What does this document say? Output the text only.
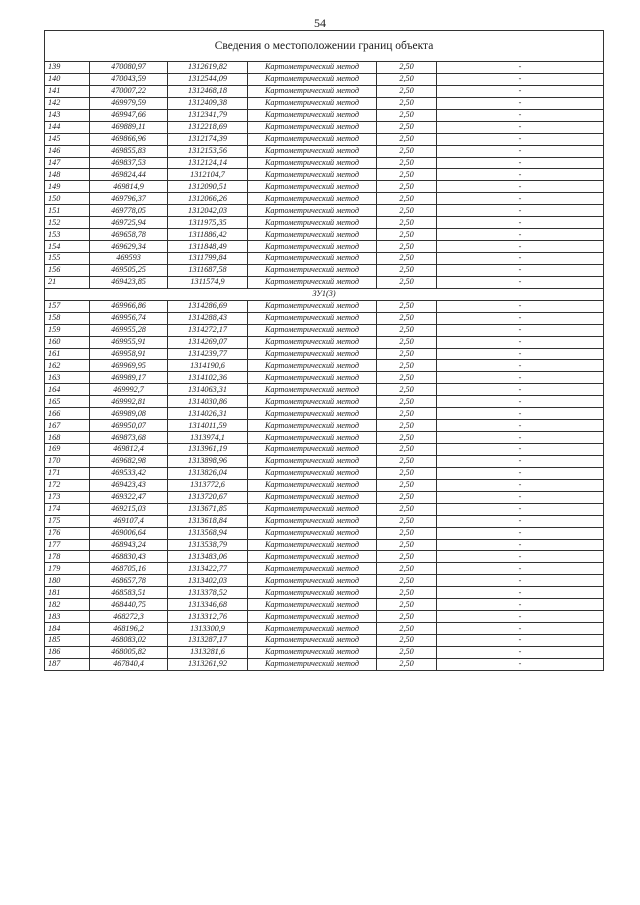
54
Сведения о местоположении границ объекта					
139	470080,97	1312619,82	Картометрический метод	2,50	-
140	470043,59	1312544,09	Картометрический метод	2,50	-
141	470007,22	1312468,18	Картометрический метод	2,50	-
142	469979,59	1312409,38	Картометрический метод	2,50	-
143	469947,66	1312341,79	Картометрический метод	2,50	-
144	469889,11	1312218,69	Картометрический метод	2,50	-
145	469866,96	1312174,39	Картометрический метод	2,50	-
146	469855,83	1312153,56	Картометрический метод	2,50	-
147	469837,53	1312124,14	Картометрический метод	2,50	-
148	469824,44	1312104,7	Картометрический метод	2,50	-
149	469814,9	1312090,51	Картометрический метод	2,50	-
150	469796,37	1312066,26	Картометрический метод	2,50	-
151	469778,05	1312042,03	Картометрический метод	2,50	-
152	469725,94	1311975,35	Картометрический метод	2,50	-
153	469658,78	1311886,42	Картометрический метод	2,50	-
154	469629,34	1311848,49	Картометрический метод	2,50	-
155	469593	1311799,84	Картометрический метод	2,50	-
156	469505,25	1311687,58	Картометрический метод	2,50	-
21	469423,85	1311574,9	Картометрический метод	2,50	-
ЗУ1(3)					
157	469966,86	1314286,69	Картометрический метод	2,50	-
158	469956,74	1314288,43	Картометрический метод	2,50	-
159	469955,28	1314272,17	Картометрический метод	2,50	-
160	469955,91	1314269,07	Картометрический метод	2,50	-
161	469958,91	1314239,77	Картометрический метод	2,50	-
162	469969,95	1314190,6	Картометрический метод	2,50	-
163	469989,17	1314102,36	Картометрический метод	2,50	-
164	469992,7	1314063,31	Картометрический метод	2,50	-
165	469992,81	1314030,86	Картометрический метод	2,50	-
166	469989,08	1314026,31	Картометрический метод	2,50	-
167	469950,07	1314011,59	Картометрический метод	2,50	-
168	469873,68	1313974,1	Картометрический метод	2,50	-
169	469812,4	1313961,19	Картометрический метод	2,50	-
170	469682,98	1313898,96	Картометрический метод	2,50	-
171	469533,42	1313826,04	Картометрический метод	2,50	-
172	469423,43	1313772,6	Картометрический метод	2,50	-
173	469322,47	1313720,67	Картометрический метод	2,50	-
174	469215,03	1313671,85	Картометрический метод	2,50	-
175	469107,4	1313618,84	Картометрический метод	2,50	-
176	469006,64	1313568,94	Картометрический метод	2,50	-
177	468943,24	1313538,79	Картометрический метод	2,50	-
178	468830,43	1313483,06	Картометрический метод	2,50	-
179	468705,16	1313422,77	Картометрический метод	2,50	-
180	468657,78	1313402,03	Картометрический метод	2,50	-
181	468583,51	1313378,52	Картометрический метод	2,50	-
182	468440,75	1313346,68	Картометрический метод	2,50	-
183	468272,3	1313312,76	Картометрический метод	2,50	-
184	468196,2	1313300,9	Картометрический метод	2,50	-
185	468083,02	1313287,17	Картометрический метод	2,50	-
186	468005,82	1313281,6	Картометрический метод	2,50	-
187	467840,4	1313261,92	Картометрический метод	2,50	-
